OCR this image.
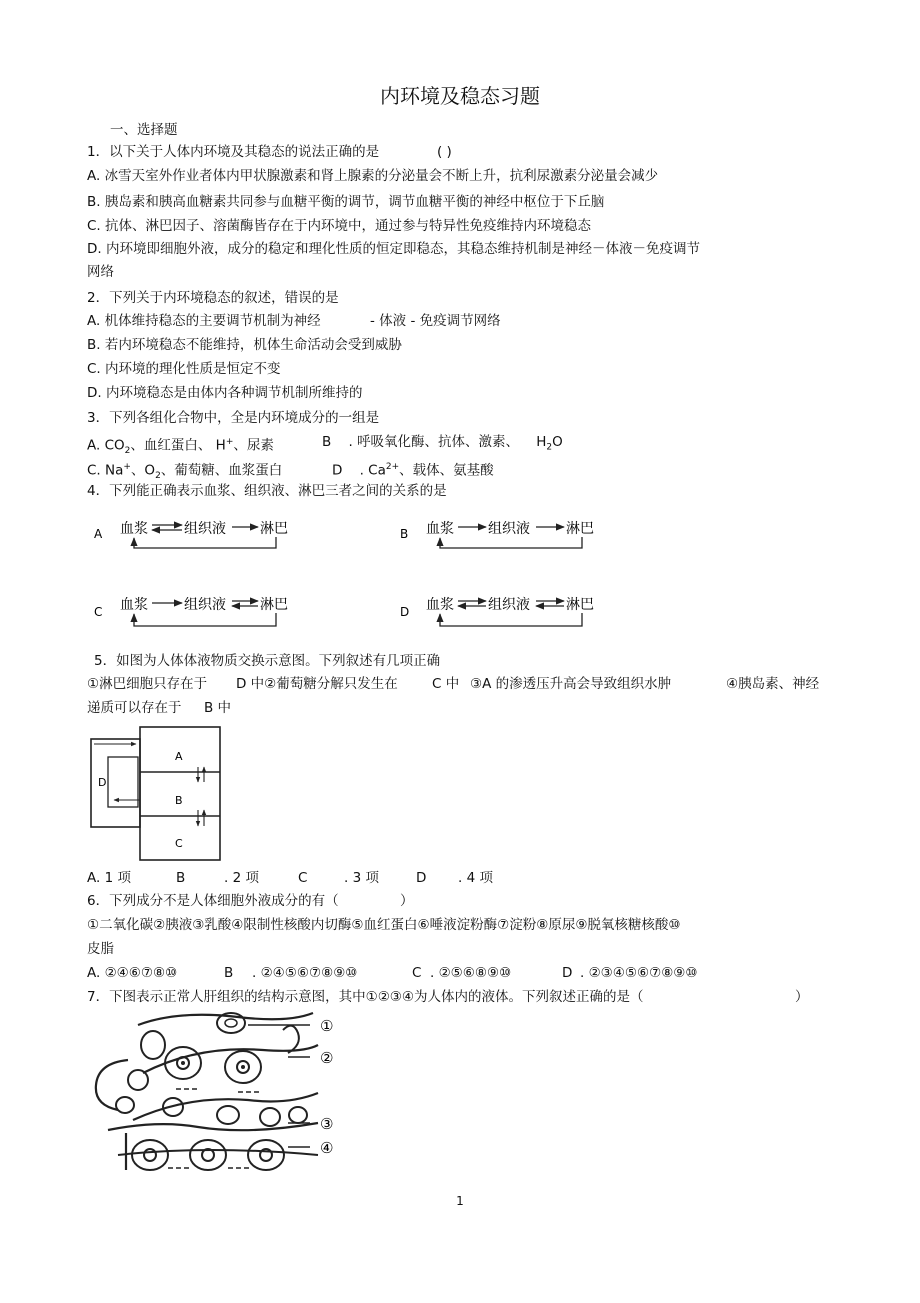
内环境及稳态习题
一、选择题
1．以下关于人体内环境及其稳态的说法正确的是	( )
A. 冰雪天室外作业者体内甲状腺激素和肾上腺素的分泌量会不断上升，抗利尿激素分泌量会减少
B. 胰岛素和胰高血糖素共同参与血糖平衡的调节，调节血糖平衡的神经中枢位于下丘脑
C. 抗体、淋巴因子、溶菌酶皆存在于内环境中，通过参与特异性免疫维持内环境稳态
D. 内环境即细胞外液，成分的稳定和理化性质的恒定即稳态，其稳态维持机制是神经－体液－免疫调节
网络
2．下列关于内环境稳态的叙述，错误的是
A. 机体维持稳态的主要调节机制为神经	- 体液 - 免疫调节网络
B. 若内环境稳态不能维持，机体生命活动会受到威胁
C. 内环境的理化性质是恒定不变
D. 内环境稳态是由体内各种调节机制所维持的
3．下列各组化合物中，全是内环境成分的一组是
A. $CO_2$、血红蛋白、 H+、尿素	B . 呼吸氧化酶、抗体、激素、 $H_2O$
C. Na+、$O_2$、葡萄糖、血浆蛋白	D . $Ca^{2+}$、载体、氨基酸
4．下列能正确表示血浆、组织液、淋巴三者之间的关系的是
A 血浆	组织液 淋巴	B 血浆 组织液	淋巴
C 血浆	组织液 淋巴	D 血浆 组织液	淋巴
5．如图为人体体液物质交换示意图。下列叙述有几项正确
①淋巴细胞只存在于 D 中②葡萄糖分解只发生在	C 中 ③A 的渗透压升高会导致组织水肿	④胰岛素、神经
递质可以存在于 B 中
A
B
C
D
A. 1 项	B	. 2 项	C	. 3 项	D . 4 项
6．下列成分不是人体细胞外液成分的有（	）
①二氧化碳②胰液③乳酸④限制性核酸内切酶⑤血红蛋白⑥唾液淀粉酶⑦淀粉⑧原尿⑨脱氧核糖核酸⑩
皮脂
A. ②④⑥⑦⑧⑩	B . ②④⑤⑥⑦⑧⑨⑩	C . ②⑤⑥⑧⑨⑩	D . ②③④⑤⑥⑦⑧⑨⑩
7．下图表示正常人肝组织的结构示意图，其中①②③④为人体内的液体。下列叙述正确的是（	）
①
②
③
④
1
